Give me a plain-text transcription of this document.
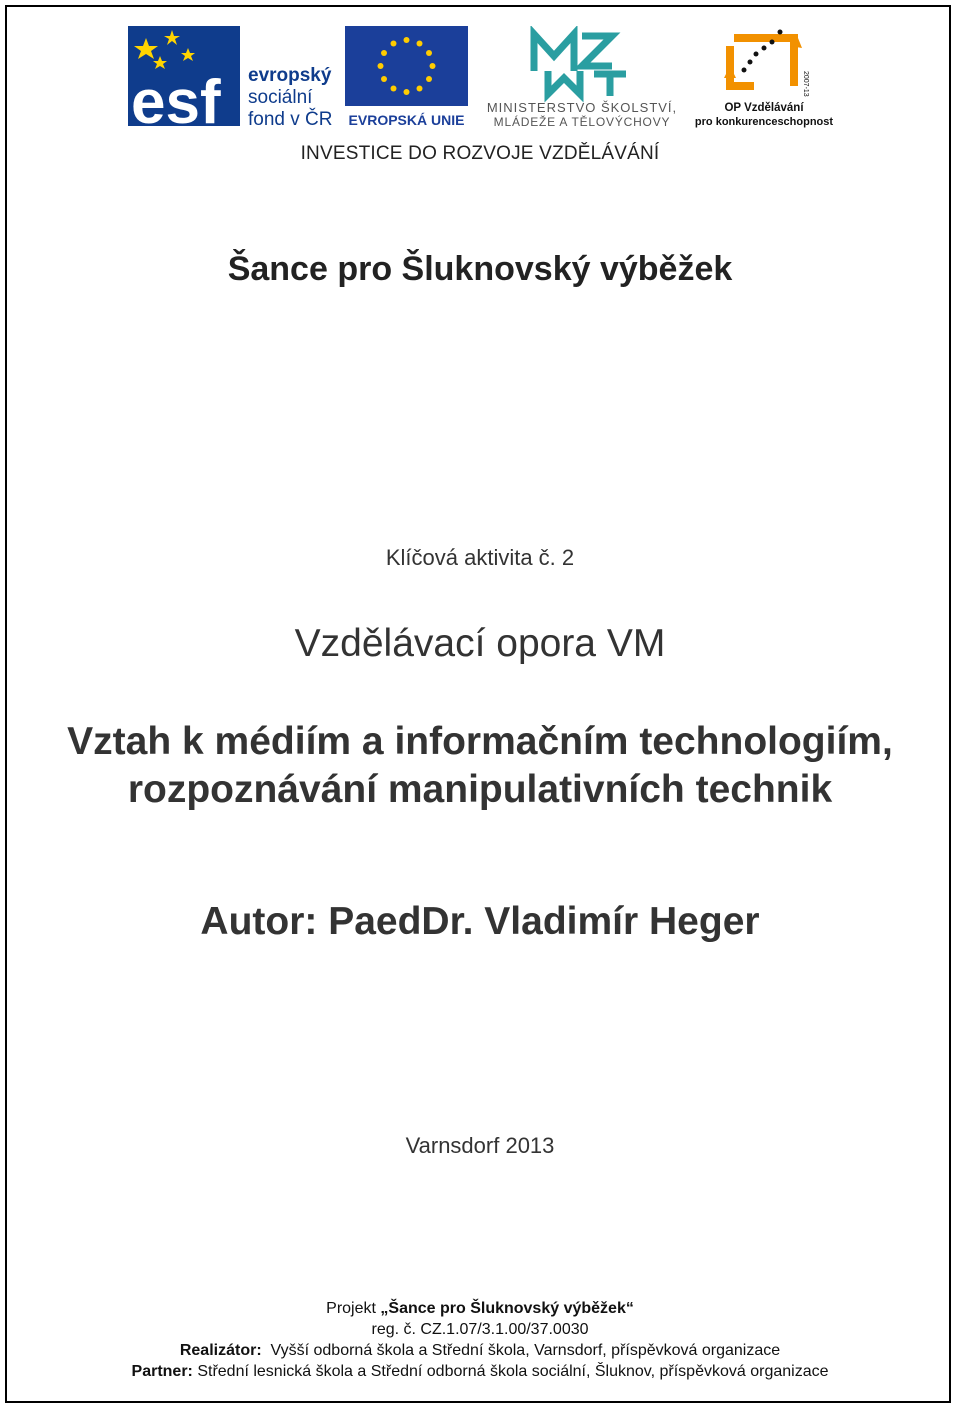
esf evropský
sociální
fond v ČR EVROPSKÁ UNIE
MINISTERSTVO ŠKOLSTVÍ,
MLÁDEŽE A TĚLOVÝCHOVY
2007-13
OP Vzdělávání
pro konkurenceschopnost
INVESTICE DO ROZVOJE VZDĚLÁVÁNÍ
Šance pro Šluknovský výběžek
Klíčová aktivita č. 2
Vzdělávací opora VM
Vztah k médiím a informačním technologiím,
rozpoznávání manipulativních technik
Autor: PaedDr. Vladimír Heger
Varnsdorf 2013
Projekt „Šance pro Šluknovský výběžek“
reg. č. CZ.1.07/3.1.00/37.0030
Realizátor:  Vyšší odborná škola a Střední škola, Varnsdorf, příspěvková organizace
Partner: Střední lesnická škola a Střední odborná škola sociální, Šluknov, příspěvková organizace
